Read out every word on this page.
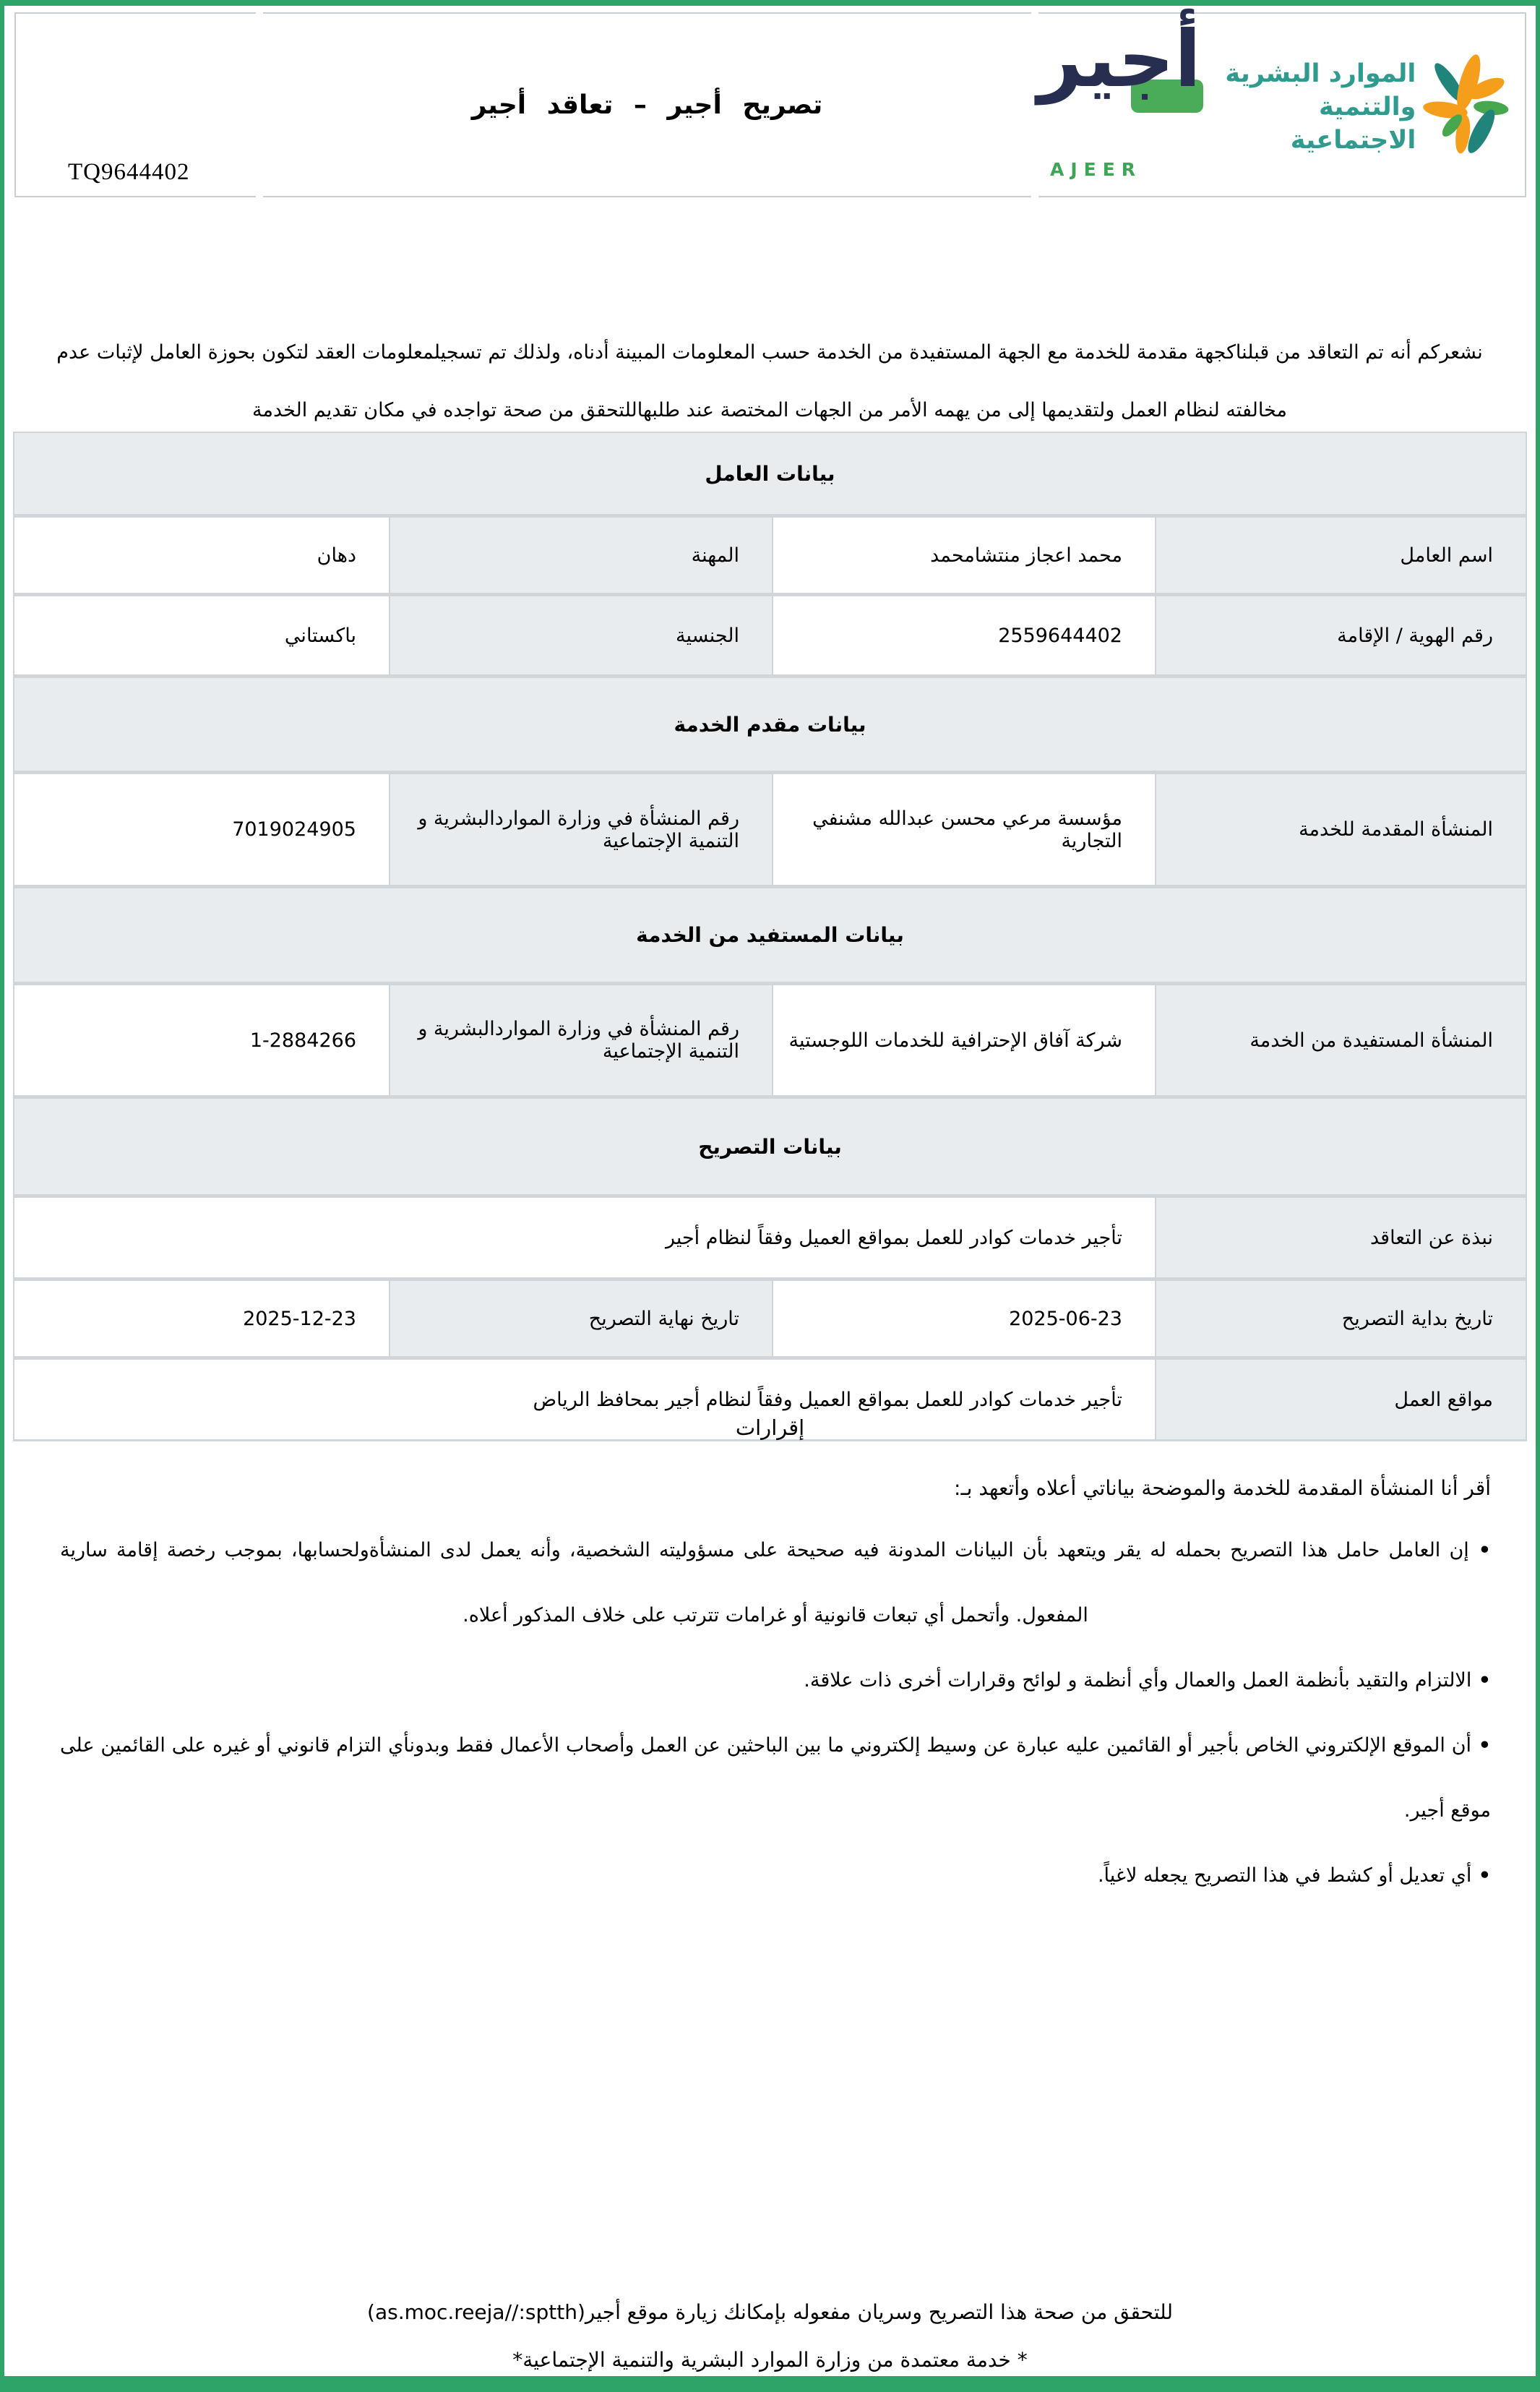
TQ9644402
تصريح أجير – تعاقد أجير
أجير
AJEER
الموارد البشرية
والتنمية الاجتماعية
نشعركم أنه تم التعاقد من قبلناكجهة مقدمة للخدمة مع الجهة المستفيدة من الخدمة حسب المعلومات المبينة أدناه، ولذلك تم تسجيلمعلومات العقد لتكون بحوزة العامل لإثبات عدم مخالفته لنظام العمل ولتقديمها إلى من يهمه الأمر من الجهات المختصة عند طلبهاللتحقق من صحة تواجده في مكان تقديم الخدمة
بيانات العامل			
اسم العامل	محمد اعجاز منتشامحمد	المهنة	دهان
رقم الهوية / الإقامة	2559644402	الجنسية	باكستاني
بيانات مقدم الخدمة			
المنشأة المقدمة للخدمة	مؤسسة مرعي محسن عبدالله مشنفي التجارية	رقم المنشأة في وزارة المواردالبشرية و التنمية الإجتماعية	7019024905
بيانات المستفيد من الخدمة			
المنشأة المستفيدة من الخدمة	شركة آفاق الإحترافية للخدمات اللوجستية	رقم المنشأة في وزارة المواردالبشرية و التنمية الإجتماعية	1-2884266
بيانات التصريح			
نبذة عن التعاقد	تأجير خدمات كوادر للعمل بمواقع العميل وفقاً لنظام أجير		
تاريخ بداية التصريح	2025-06-23	تاريخ نهاية التصريح	2025-12-23
مواقع العمل	تأجير خدمات كوادر للعمل بمواقع العميل وفقاً لنظام أجير بمحافظ الرياض		
إقرارات
أقر أنا المنشأة المقدمة للخدمة والموضحة بياناتي أعلاه وأتعهد بـ:
• إن العامل حامل هذا التصريح بحمله له يقر ويتعهد بأن البيانات المدونة فيه صحيحة على مسؤوليته الشخصية، وأنه يعمل لدى المنشأةولحسابها، بموجب رخصة إقامة سارية المفعول. وأتحمل أي تبعات قانونية أو غرامات تترتب على خلاف المذكور أعلاه.
• الالتزام والتقيد بأنظمة العمل والعمال وأي أنظمة و لوائح وقرارات أخرى ذات علاقة.
• أن الموقع الإلكتروني الخاص بأجير أو القائمين عليه عبارة عن وسيط إلكتروني ما بين الباحثين عن العمل وأصحاب الأعمال فقط وبدونأي التزام قانوني أو غيره على القائمين على موقع أجير.
• أي تعديل أو كشط في هذا التصريح يجعله لاغياً.
للتحقق من صحة هذا التصريح وسريان مفعوله بإمكانك زيارة موقع أجير(as.moc.reeja//:sptth)
* خدمة معتمدة من وزارة الموارد البشرية والتنمية الإجتماعية*
